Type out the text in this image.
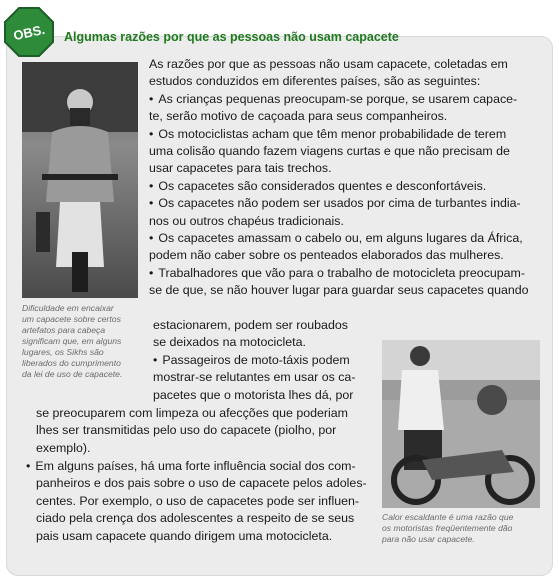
OBS. Algumas razões por que as pessoas não usam capacete
Dificuldade em encaixar
um capacete sobre certos
artefatos para cabeça
significam que, em alguns
lugares, os Sikhs são
liberados do cumprimento
da lei de uso de capacete.
Calor escaldante é uma razão que
os motoristas freqüentemente dão
para não usar capacete.

As razões por que as pessoas não usam capacete, coletadas em

estudos conduzidos em diferentes países, são as seguintes:

• As crianças pequenas preocupam-se porque, se usarem capace-

te, serão motivo de caçoada para seus companheiros.

• Os motociclistas acham que têm menor probabilidade de terem

uma colisão quando fazem viagens curtas e que não precisam de

usar capacetes para tais trechos.

• Os capacetes são considerados quentes e desconfortáveis.

• Os capacetes não podem ser usados por cima de turbantes india-

nos ou outros chapéus tradicionais.

• Os capacetes amassam o cabelo ou, em alguns lugares da África,

podem não caber sobre os penteados elaborados das mulheres.

• Trabalhadores que vão para o trabalho de motocicleta preocupam-

se de que, se não houver lugar para guardar seus capacetes quando

estacionarem, podem ser roubados

se deixados na motocicleta.

• Passageiros de moto-táxis podem

mostrar-se relutantes em usar os ca-

pacetes que o motorista lhes dá, por

se preocuparem com limpeza ou afecções que poderiam

lhes ser transmitidas pelo uso do capacete (piolho, por

exemplo).

• Em alguns países, há uma forte influência social dos com-

panheiros e dos pais sobre o uso de capacete pelos adoles-

centes. Por exemplo, o uso de capacetes pode ser influen-

ciado pela crença dos adolescentes a respeito de se seus

pais usam capacete quando dirigem uma motocicleta.
